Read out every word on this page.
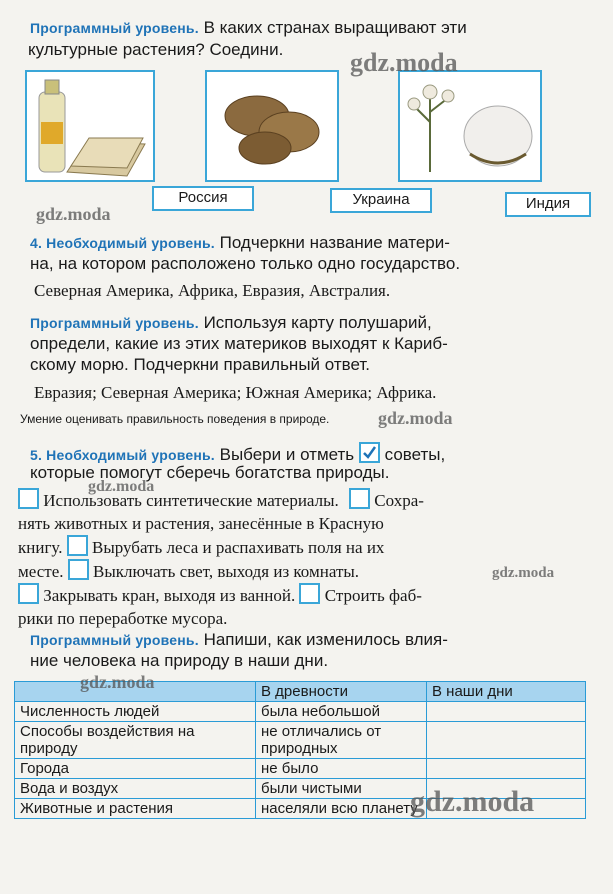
Программный уровень. В каких странах выращивают эти
культурные растения? Соедини.
Россия	Украина	Индия
4. Необходимый уровень. Подчеркни название матери-
на, на котором расположено только одно государство.
Северная Америка, Африка, Евразия, Австралия.
Программный уровень. Используя карту полушарий,
определи, какие из этих материков выходят к Кариб-
скому морю. Подчеркни правильный ответ.
Евразия; Северная Америка; Южная Америка; Африка.
Умение оценивать правильность поведения в природе.
5. Необходимый уровень. Выбери и отметь советы,
которые помогут сберечь богатства природы.
Использовать синтетические материалы. Сохра-
нять животных и растения, занесённые в Красную
книгу. Вырубать леса и распахивать поля на их
месте. Выключать свет, выходя из комнаты.
Закрывать кран, выходя из ванной. Строить фаб-
рики по переработке мусора.
Программный уровень. Напиши, как изменилось влия-
ние человека на природу в наши дни.
	В древности	В наши дни
Численность людей	была небольшой	
Способы воздействия на природу	не отличались от природных	
Города	не было	
Вода и воздух	были чистыми	
Животные и растения	населяли всю планету	
gdz.moda
gdz.moda
gdz.moda
gdz.moda
gdz.moda
gdz.moda
gdz.moda
